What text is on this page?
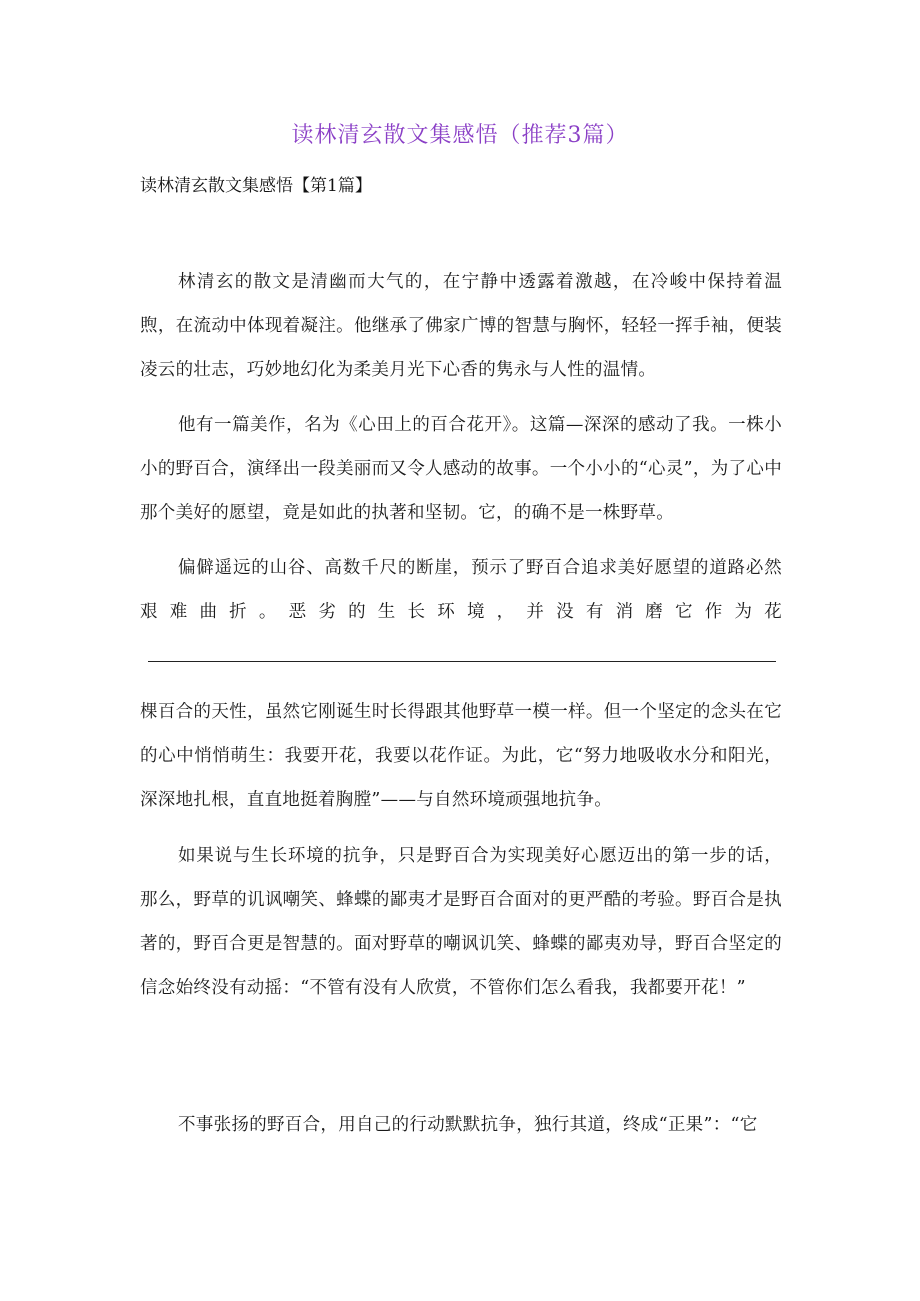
读林清玄散文集感悟（推荐3篇）
读林清玄散文集感悟【第1篇】

林清玄的散文是清幽而大气的，在宁静中透露着激越，在冷峻中保持着温煦，在流动中体现着凝注。他继承了佛家广博的智慧与胸怀，轻轻一挥手袖，便装凌云的壮志，巧妙地幻化为柔美月光下心香的隽永与人性的温情。

他有一篇美作，名为《心田上的百合花开》。这篇—深深的感动了我。一株小小的野百合，演绎出一段美丽而又令人感动的故事。一个小小的“心灵”，为了心中那个美好的愿望，竟是如此的执著和坚韧。它，的确不是一株野草。

偏僻遥远的山谷、高数千尺的断崖，预示了野百合追求美好愿望的道路必然艰难曲折。恶劣的生长环境，并没有消磨它作为花

棵百合的天性，虽然它刚诞生时长得跟其他野草一模一样。但一个坚定的念头在它的心中悄悄萌生：我要开花，我要以花作证。为此，它“努力地吸收水分和阳光，深深地扎根，直直地挺着胸膛”——与自然环境顽强地抗争。

如果说与生长环境的抗争，只是野百合为实现美好心愿迈出的第一步的话，那么，野草的讥讽嘲笑、蜂蝶的鄙夷才是野百合面对的更严酷的考验。野百合是执著的，野百合更是智慧的。面对野草的嘲讽讥笑、蜂蝶的鄙夷劝导，野百合坚定的信念始终没有动摇：“不管有没有人欣赏，不管你们怎么看我，我都要开花！”

不事张扬的野百合，用自己的行动默默抗争，独行其道，终成“正果”：“它
